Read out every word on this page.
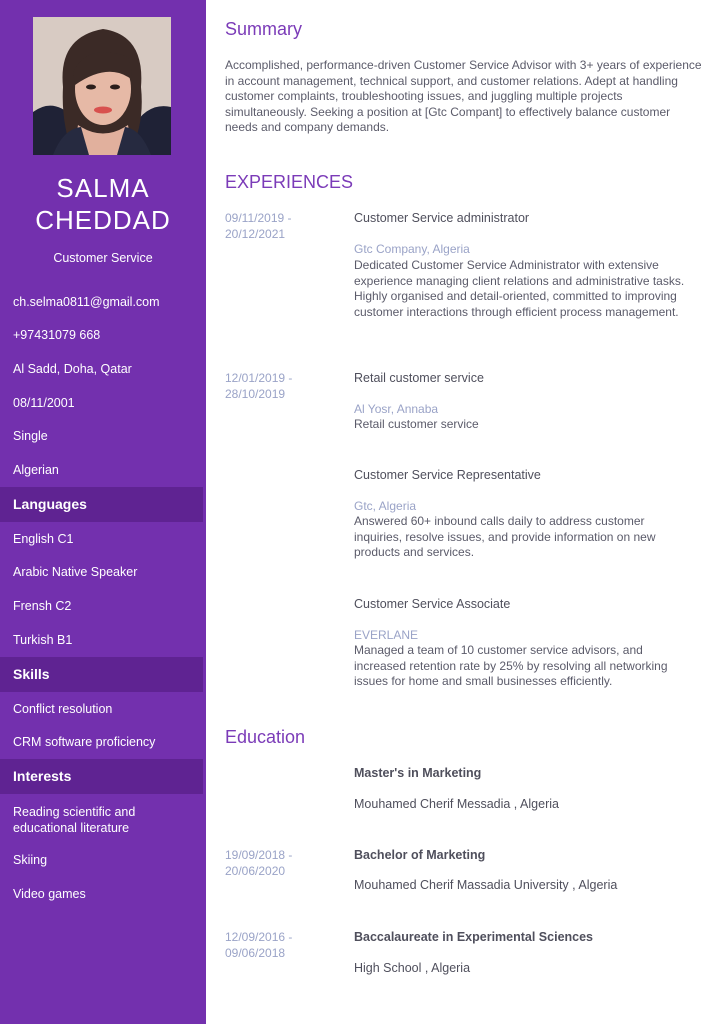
SALMA
CHEDDAD
Customer Service
ch.selma0811@gmail.com
+97431079 668
Al Sadd, Doha, Qatar
08/11/2001
Single
Algerian
Languages
English C1
Arabic Native Speaker
Frensh C2
Turkish B1
Skills
Conflict resolution
CRM software proficiency
Interests
Reading scientific and educational literature
Skiing
Video games
Summary
Accomplished, performance-driven Customer Service Advisor with 3+ years of experience in account management, technical support, and customer relations. Adept at handling customer complaints, troubleshooting issues, and juggling multiple projects simultaneously. Seeking a position at [Gtc Compant] to effectively balance customer needs and company demands.
EXPERIENCES
09/11/2019 - 20/12/2021
Customer Service administrator
Gtc Company, Algeria
Dedicated Customer Service Administrator with extensive experience managing client relations and administrative tasks. Highly organised and detail-oriented, committed to improving customer interactions through efficient process management.
12/01/2019 - 28/10/2019
Retail customer service
Al Yosr, Annaba
Retail customer service
Customer Service Representative
Gtc, Algeria
Answered 60+ inbound calls daily to address customer inquiries, resolve issues, and provide information on new products and services.
Customer Service Associate
EVERLANE
Managed a team of 10 customer service advisors, and increased retention rate by 25% by resolving all networking issues for home and small businesses efficiently.
Education
Master's in Marketing
Mouhamed Cherif Messadia , Algeria
19/09/2018 - 20/06/2020
Bachelor of Marketing
Mouhamed Cherif Massadia University , Algeria
12/09/2016 - 09/06/2018
Baccalaureate in Experimental Sciences
High School , Algeria
